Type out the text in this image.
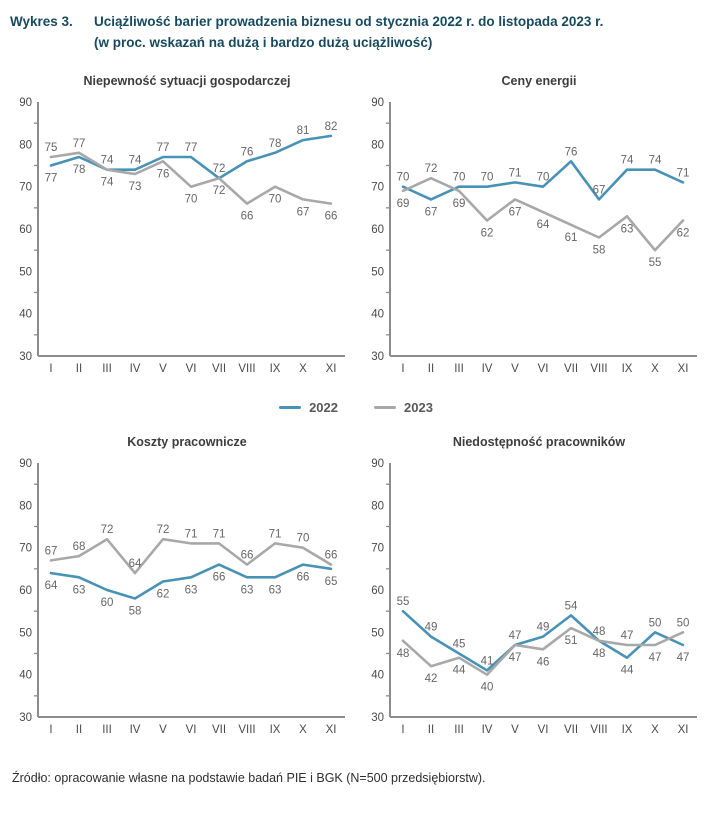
Wykres 3.	Uciążliwość barier prowadzenia biznesu od stycznia 2022 r. do listopada 2023 r.
(w proc. wskazań na dużą i bardzo dużą uciążliwość)
Niepewność sytuacji gospodarczej
90
80
70
60
50
40
30
I II III IV V VI VII VIII IX X XI
75 77
74 74
77 77
72
76
78
81 82
77
78
74 73
76
70
72
66
70
67 66
Ceny energii
90
80
70
60
50
40
30
I II III IV V VI VII VIII IX X XI
70
67
70 70 71 70
76
67
74 74
71
69
72
69
62
67
64
61
58
63
55
62
2022	2023
Koszty pracownicze
90
80
70
60
50
40
30
I II III IV V VI VII VIII IX X XI
64 63
60
58
62 63
66
63 63
66 65
67 68
72
64
72 71 71
66
71 70
66
Niedostępność pracowników
90
80
70
60
50
40
30
I II III IV V VI VII VIII IX X XI
55
49
45
41
47
49
54
48
44
50
47
48
42
44
40
47 46
51
48
47
47
50

Źródło: opracowanie własne na podstawie badań PIE i BGK (N=500 przedsiębiorstw).
